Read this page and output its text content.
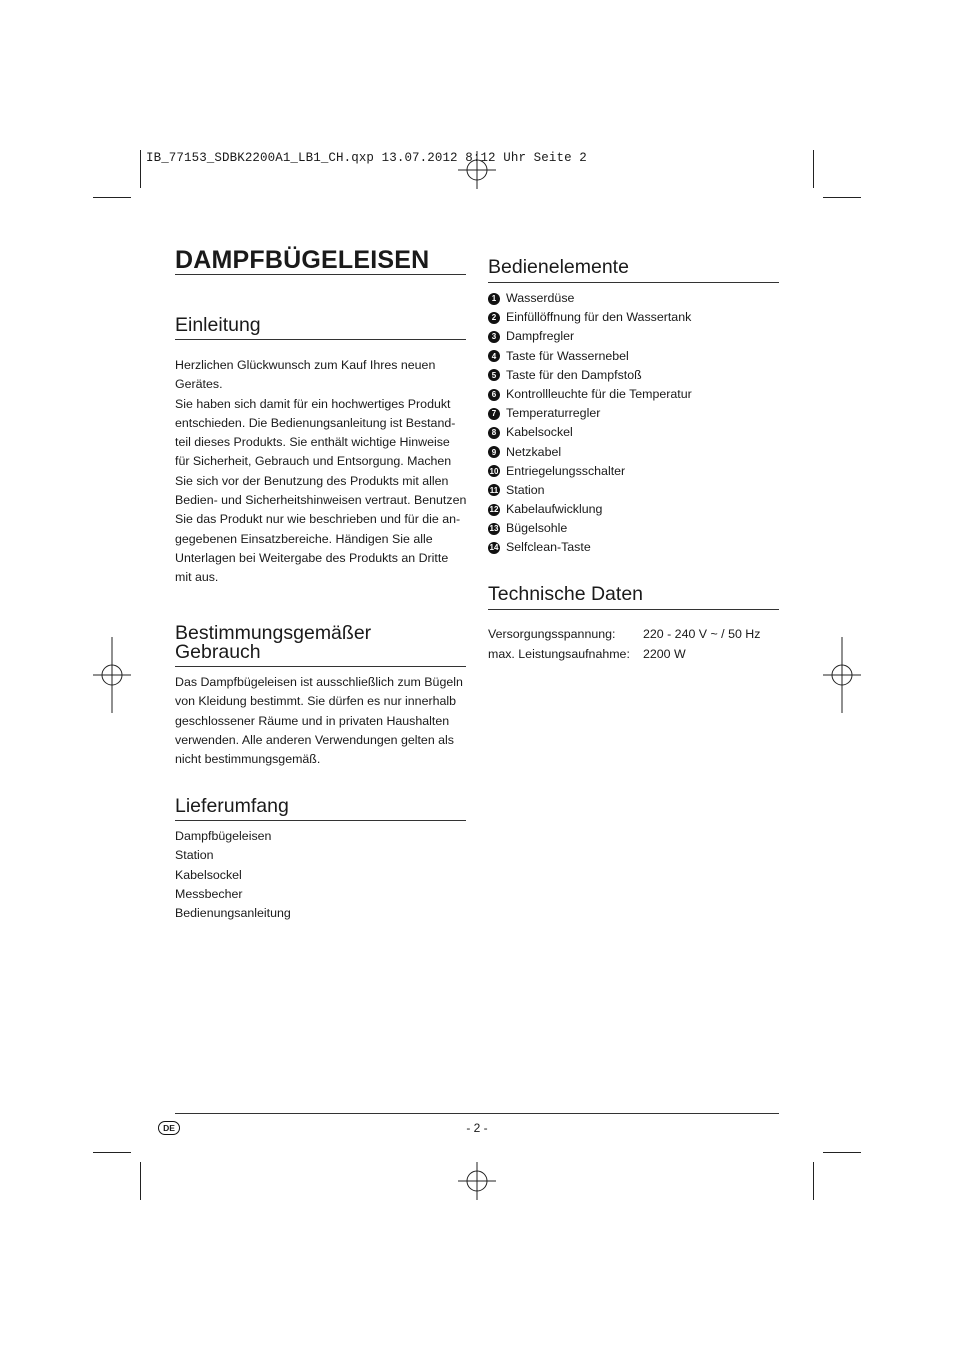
IB_77153_SDBK2200A1_LB1_CH.qxp 13.07.2012 8:12 Uhr Seite 2
DAMPFBÜGELEISEN
Einleitung

Herzlichen Glückwunsch zum Kauf Ihres neuen

Gerätes.

Sie haben sich damit für ein hochwertiges Produkt

entschieden. Die Bedienungsanleitung ist Bestand-

teil dieses Produkts. Sie enthält wichtige Hinweise

für Sicherheit, Gebrauch und Entsorgung. Machen

Sie sich vor der Benutzung des Produkts mit allen

Bedien- und Sicherheitshinweisen vertraut. Benutzen

Sie das Produkt nur wie beschrieben und für die an-

gegebenen Einsatzbereiche. Händigen Sie alle

Unterlagen bei Weitergabe des Produkts an Dritte

mit aus.

Bestimmungsgemäßer
Gebrauch

Das Dampfbügeleisen ist ausschließlich zum Bügeln

von Kleidung bestimmt. Sie dürfen es nur innerhalb

geschlossener Räume und in privaten Haushalten

verwenden. Alle anderen Verwendungen gelten als

nicht bestimmungsgemäß.

Lieferumfang

Dampfbügeleisen

Station

Kabelsockel

Messbecher

Bedienungsanleitung

Bedienelemente
1 Wasserdüse
2 Einfüllöffnung für den Wassertank
3 Dampfregler
4 Taste für Wassernebel
5 Taste für den Dampfstoß
6 Kontrollleuchte für die Temperatur
7 Temperaturregler
8 Kabelsockel
9 Netzkabel
10 Entriegelungsschalter
11 Station
12 Kabelaufwicklung
13 Bügelsohle
14 Selfclean-Taste
Technische Daten
Versorgungsspannung:	220 - 240 V ~ / 50 Hz
max. Leistungsaufnahme:	2200 W
DE	- 2 -
